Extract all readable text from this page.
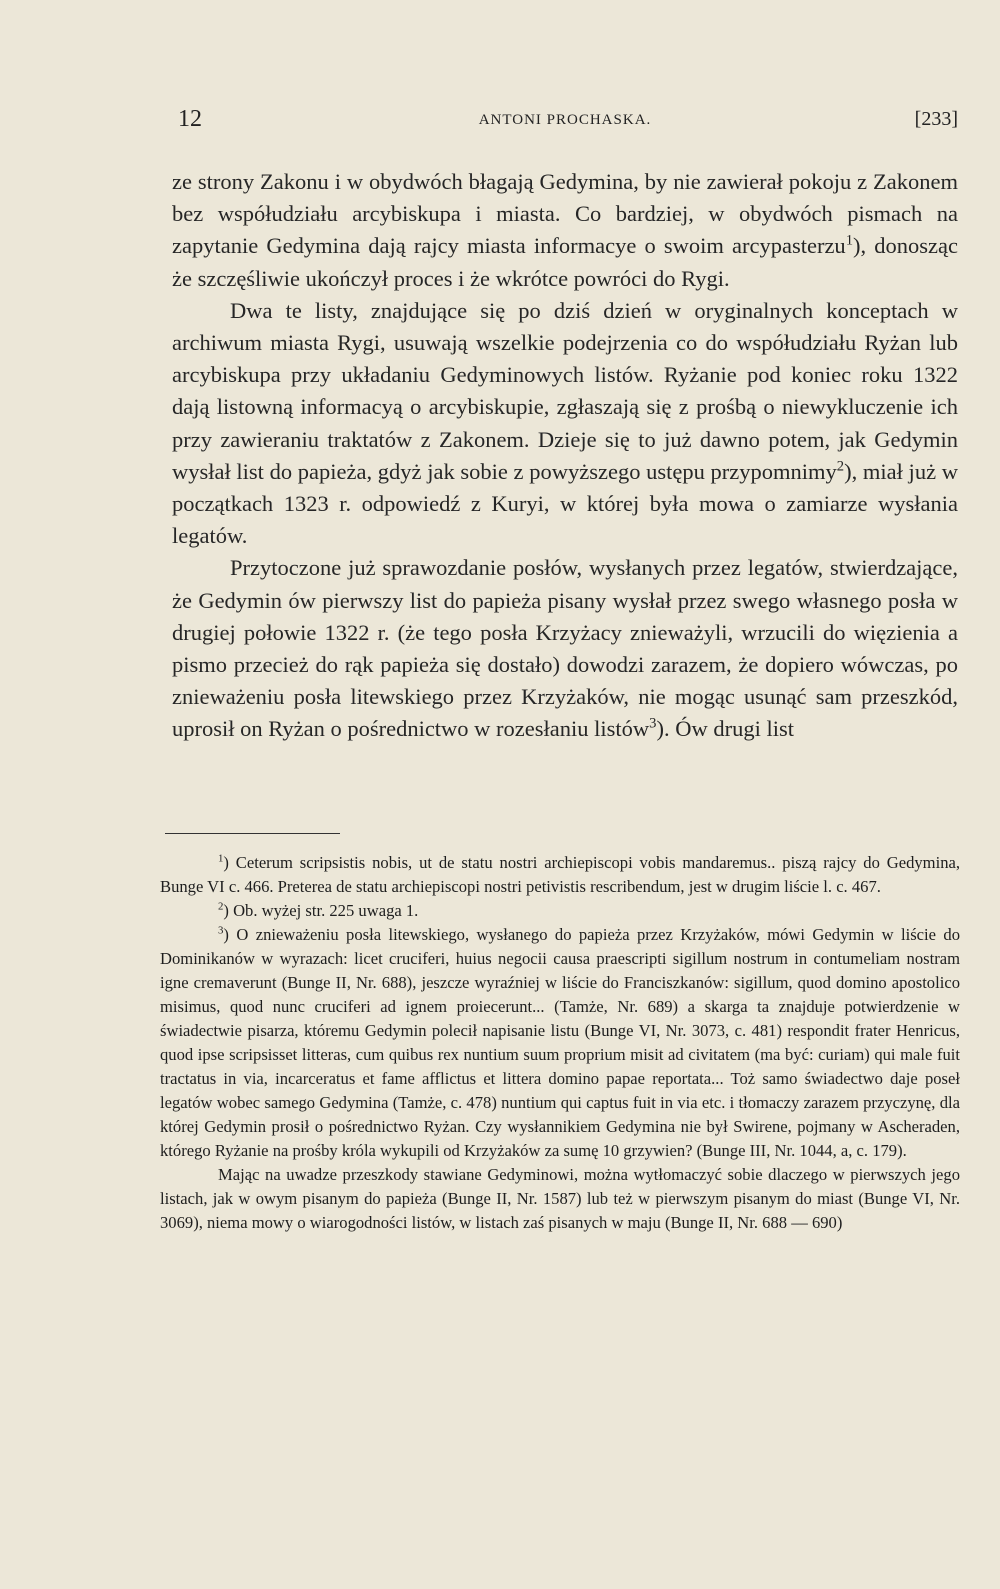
12	ANTONI PROCHASKA.	[233]

ze strony Zakonu i w obydwóch błagają Gedymina, by nie zawierał pokoju z Zakonem bez współudziału arcybiskupa i miasta. Co bardziej, w obydwóch pismach na zapytanie Gedymina dają rajcy miasta informacye o swoim arcypasterzu$^1$), donosząc że szczęśliwie ukończył proces i że wkrótce powróci do Rygi.

Dwa te listy, znajdujące się po dziś dzień w oryginalnych konceptach w archiwum miasta Rygi, usuwają wszelkie podejrzenia co do współudziału Ryżan lub arcybiskupa przy układaniu Gedyminowych listów. Ryżanie pod koniec roku 1322 dają listowną informacyą o arcybiskupie, zgłaszają się z prośbą o niewykluczenie ich przy zawieraniu traktatów z Zakonem. Dzieje się to już dawno potem, jak Gedymin wysłał list do papieża, gdyż jak sobie z powyższego ustępu przypomnimy$^2$), miał już w początkach 1323 r. odpowiedź z Kuryi, w której była mowa o zamiarze wysłania legatów.

Przytoczone już sprawozdanie posłów, wysłanych przez legatów, stwierdzające, że Gedymin ów pierwszy list do papieża pisany wysłał przez swego własnego posła w drugiej połowie 1322 r. (że tego posła Krzyżacy znieważyli, wrzucili do więzienia a pismo przecież do rąk papieża się dostało) dowodzi zarazem, że dopiero wówczas, po znieważeniu posła litewskiego przez Krzyżaków, nie mogąc usunąć sam przeszkód, uprosił on Ryżan o pośrednictwo w rozesłaniu listów$^3$). Ów drugi list

$^1$) Ceterum scripsistis nobis, ut de statu nostri archiepiscopi vobis mandaremus.. piszą rajcy do Gedymina, Bunge VI c. 466. Preterea de statu archiepiscopi nostri petivistis rescribendum, jest w drugim liście l. c. 467.

$^2$) Ob. wyżej str. 225 uwaga 1.

$^3$) O znieważeniu posła litewskiego, wysłanego do papieża przez Krzyżaków, mówi Gedymin w liście do Dominikanów w wyrazach: licet cruciferi, huius negocii causa praescripti sigillum nostrum in contumeliam nostram igne cremaverunt (Bunge II, Nr. 688), jeszcze wyraźniej w liście do Franciszkanów: sigillum, quod domino apostolico misimus, quod nunc cruciferi ad ignem proiecerunt... (Tamże, Nr. 689) a skarga ta znajduje potwierdzenie w świadectwie pisarza, któremu Gedymin polecił napisanie listu (Bunge VI, Nr. 3073, c. 481) respondit frater Henricus, quod ipse scripsisset litteras, cum quibus rex nuntium suum proprium misit ad civitatem (ma być: curiam) qui male fuit tractatus in via, incarceratus et fame afflictus et littera domino papae reportata... Toż samo świadectwo daje poseł legatów wobec samego Gedymina (Tamże, c. 478) nuntium qui captus fuit in via etc. i tłomaczy zarazem przyczynę, dla której Gedymin prosił o pośrednictwo Ryżan. Czy wysłannikiem Gedymina nie był Swirene, pojmany w Ascheraden, którego Ryżanie na prośby króla wykupili od Krzyżaków za sumę 10 grzywien? (Bunge III, Nr. 1044, a, c. 179).

Mając na uwadze przeszkody stawiane Gedyminowi, można wytłomaczyć sobie dlaczego w pierwszych jego listach, jak w owym pisanym do papieża (Bunge II, Nr. 1587) lub też w pierwszym pisanym do miast (Bunge VI, Nr. 3069), niema mowy o wiarogodności listów, w listach zaś pisanych w maju (Bunge II, Nr. 688 — 690)
